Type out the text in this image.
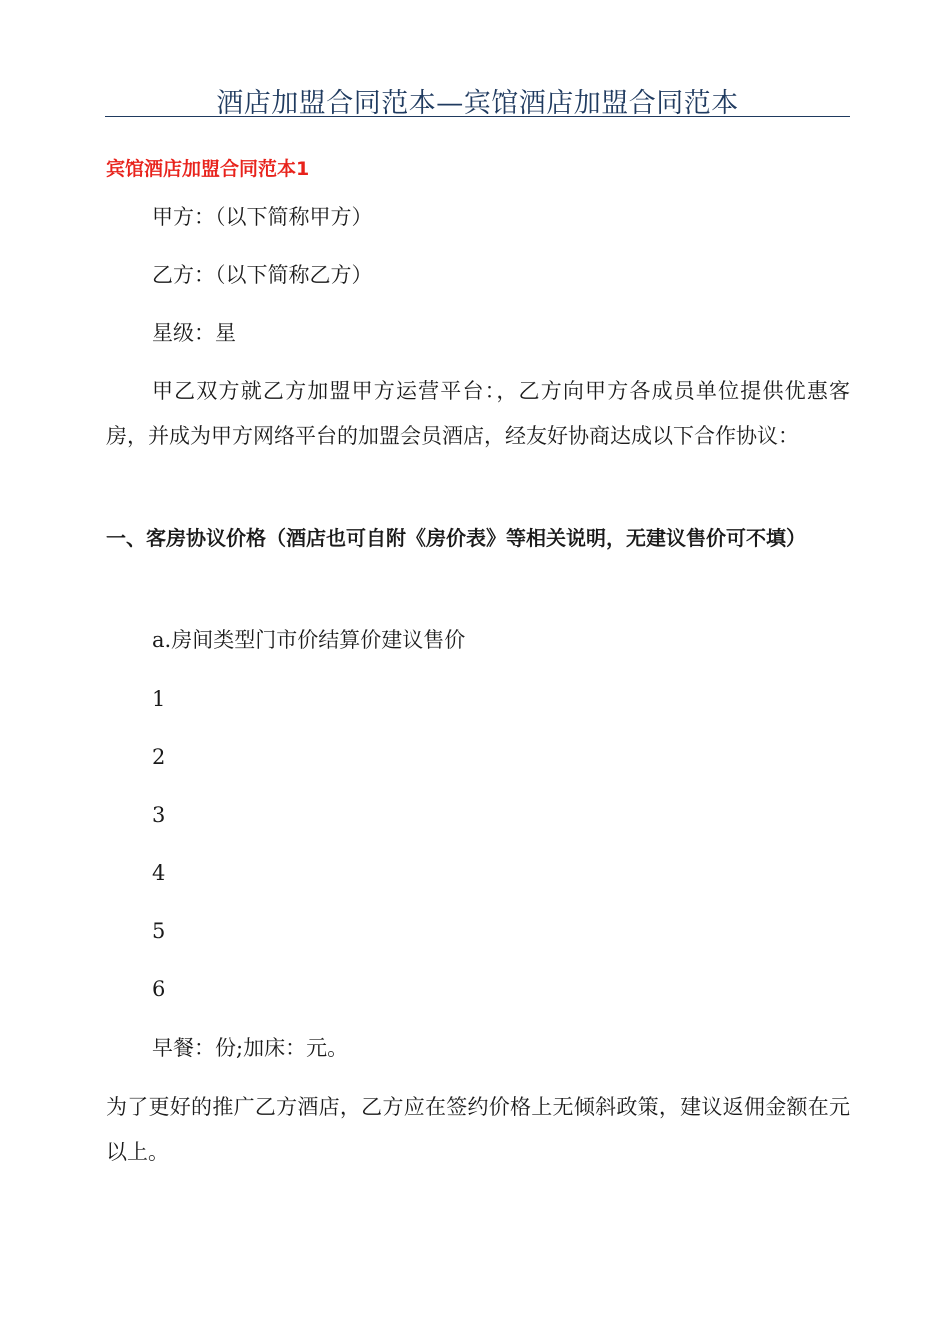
酒店加盟合同范本—宾馆酒店加盟合同范本
宾馆酒店加盟合同范本1
甲方：（以下简称甲方）
乙方：（以下简称乙方）
星级：星
甲乙双方就乙方加盟甲方运营平台：，乙方向甲方各成员单位提供优惠客房，并成为甲方网络平台的加盟会员酒店，经友好协商达成以下合作协议：
一、客房协议价格（酒店也可自附《房价表》等相关说明，无建议售价可不填）
a.房间类型门市价结算价建议售价
1
2
3
4
5
6
早餐：份;加床：元。
为了更好的推广乙方酒店，乙方应在签约价格上无倾斜政策，建议返佣金额在元以上。
